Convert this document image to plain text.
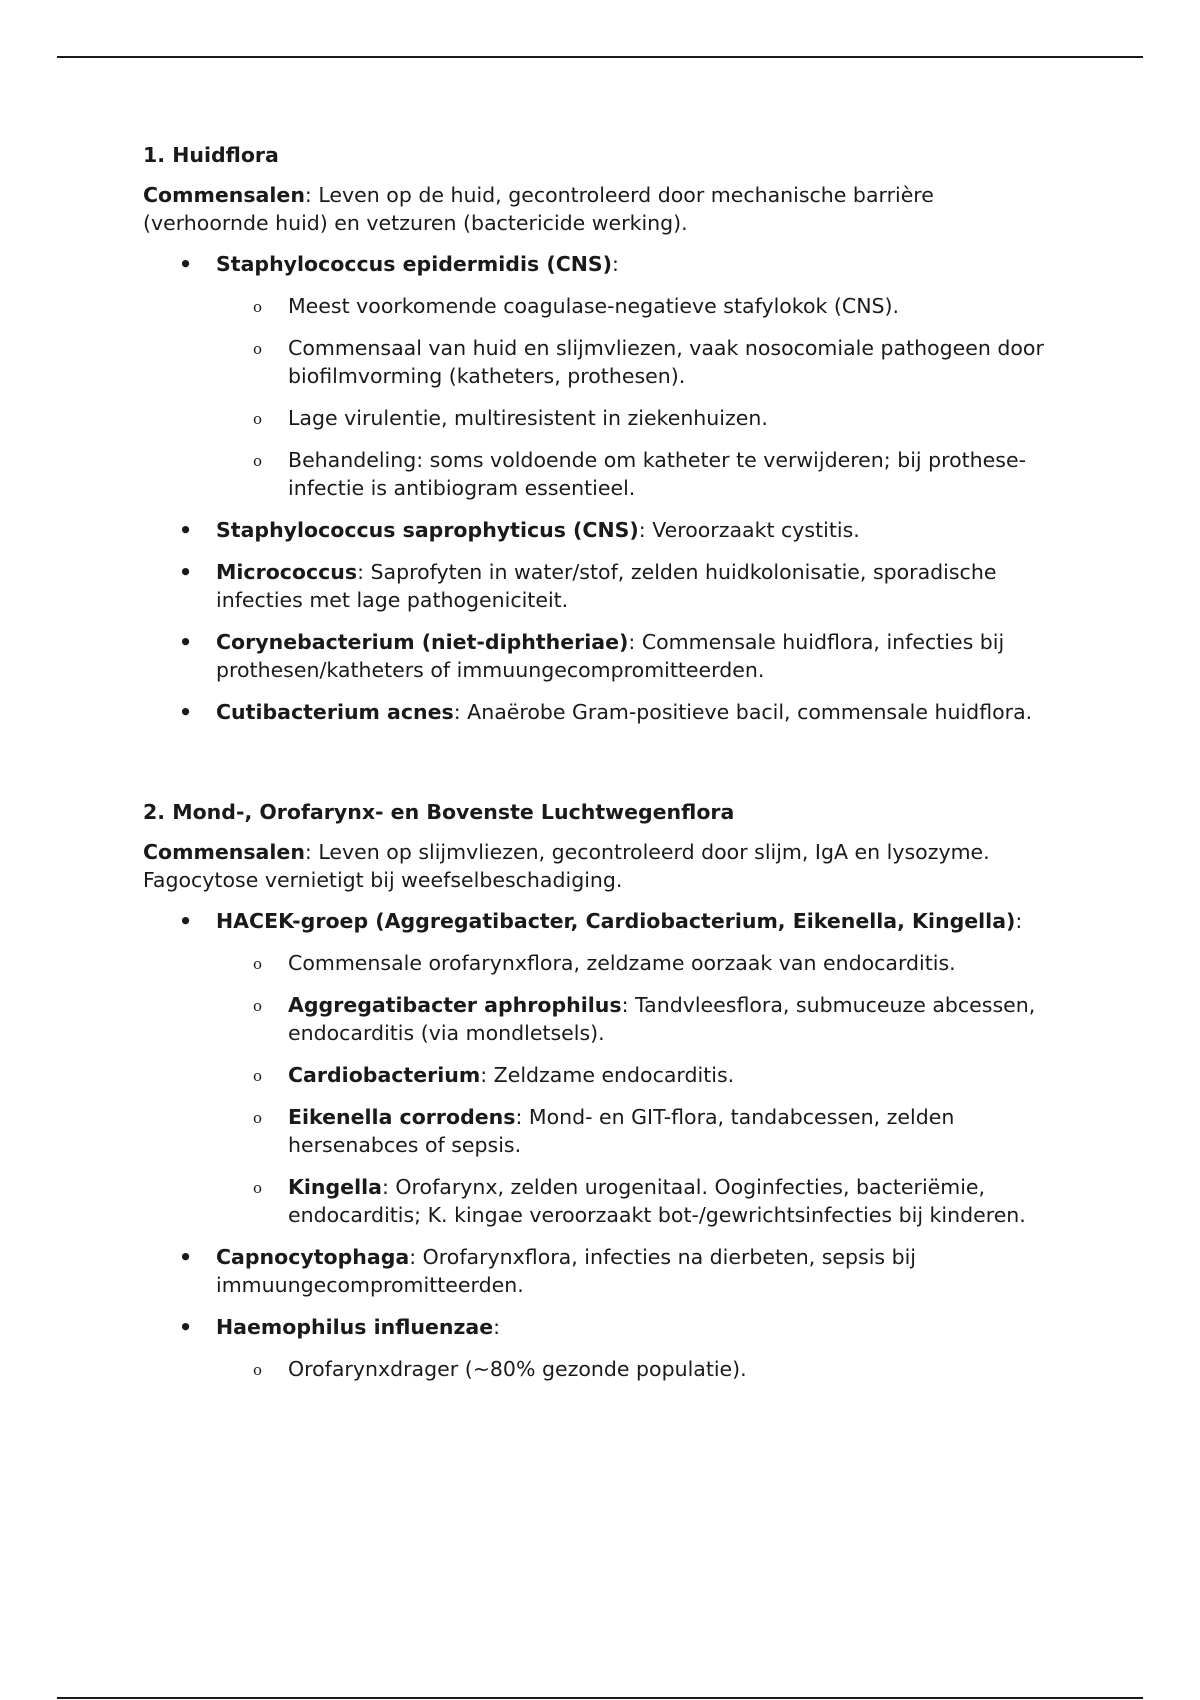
1. Huidflora

Commensalen: Leven op de huid, gecontroleerd door mechanische barrière (verhoornde huid) en vetzuren (bactericide werking).

• Staphylococcus epidermidis (CNS):
o Meest voorkomende coagulase-negatieve stafylokok (CNS).
o Commensaal van huid en slijmvliezen, vaak nosocomiale pathogeen door biofilmvorming (katheters, prothesen).
o Lage virulentie, multiresistent in ziekenhuizen.
o Behandeling: soms voldoende om katheter te verwijderen; bij prothese-infectie is antibiogram essentieel.
• Staphylococcus saprophyticus (CNS): Veroorzaakt cystitis.
• Micrococcus: Saprofyten in water/stof, zelden huidkolonisatie, sporadische infecties met lage pathogeniciteit.
• Corynebacterium (niet-diphtheriae): Commensale huidflora, infecties bij prothesen/katheters of immuungecompromitteerden.
• Cutibacterium acnes: Anaërobe Gram-positieve bacil, commensale huidflora.
2. Mond-, Orofarynx- en Bovenste Luchtwegenflora

Commensalen: Leven op slijmvliezen, gecontroleerd door slijm, IgA en lysozyme. Fagocytose vernietigt bij weefselbeschadiging.

• HACEK-groep (Aggregatibacter, Cardiobacterium, Eikenella, Kingella):
o Commensale orofarynxflora, zeldzame oorzaak van endocarditis.
o Aggregatibacter aphrophilus: Tandvleesflora, submuceuze abcessen, endocarditis (via mondletsels).
o Cardiobacterium: Zeldzame endocarditis.
o Eikenella corrodens: Mond- en GIT-flora, tandabcessen, zelden hersenabces of sepsis.
o Kingella: Orofarynx, zelden urogenitaal. Ooginfecties, bacteriëmie, endocarditis; K. kingae veroorzaakt bot-/gewrichtsinfecties bij kinderen.
• Capnocytophaga: Orofarynxflora, infecties na dierbeten, sepsis bij immuungecompromitteerden.
• Haemophilus influenzae:
o Orofarynxdrager (~80% gezonde populatie).
